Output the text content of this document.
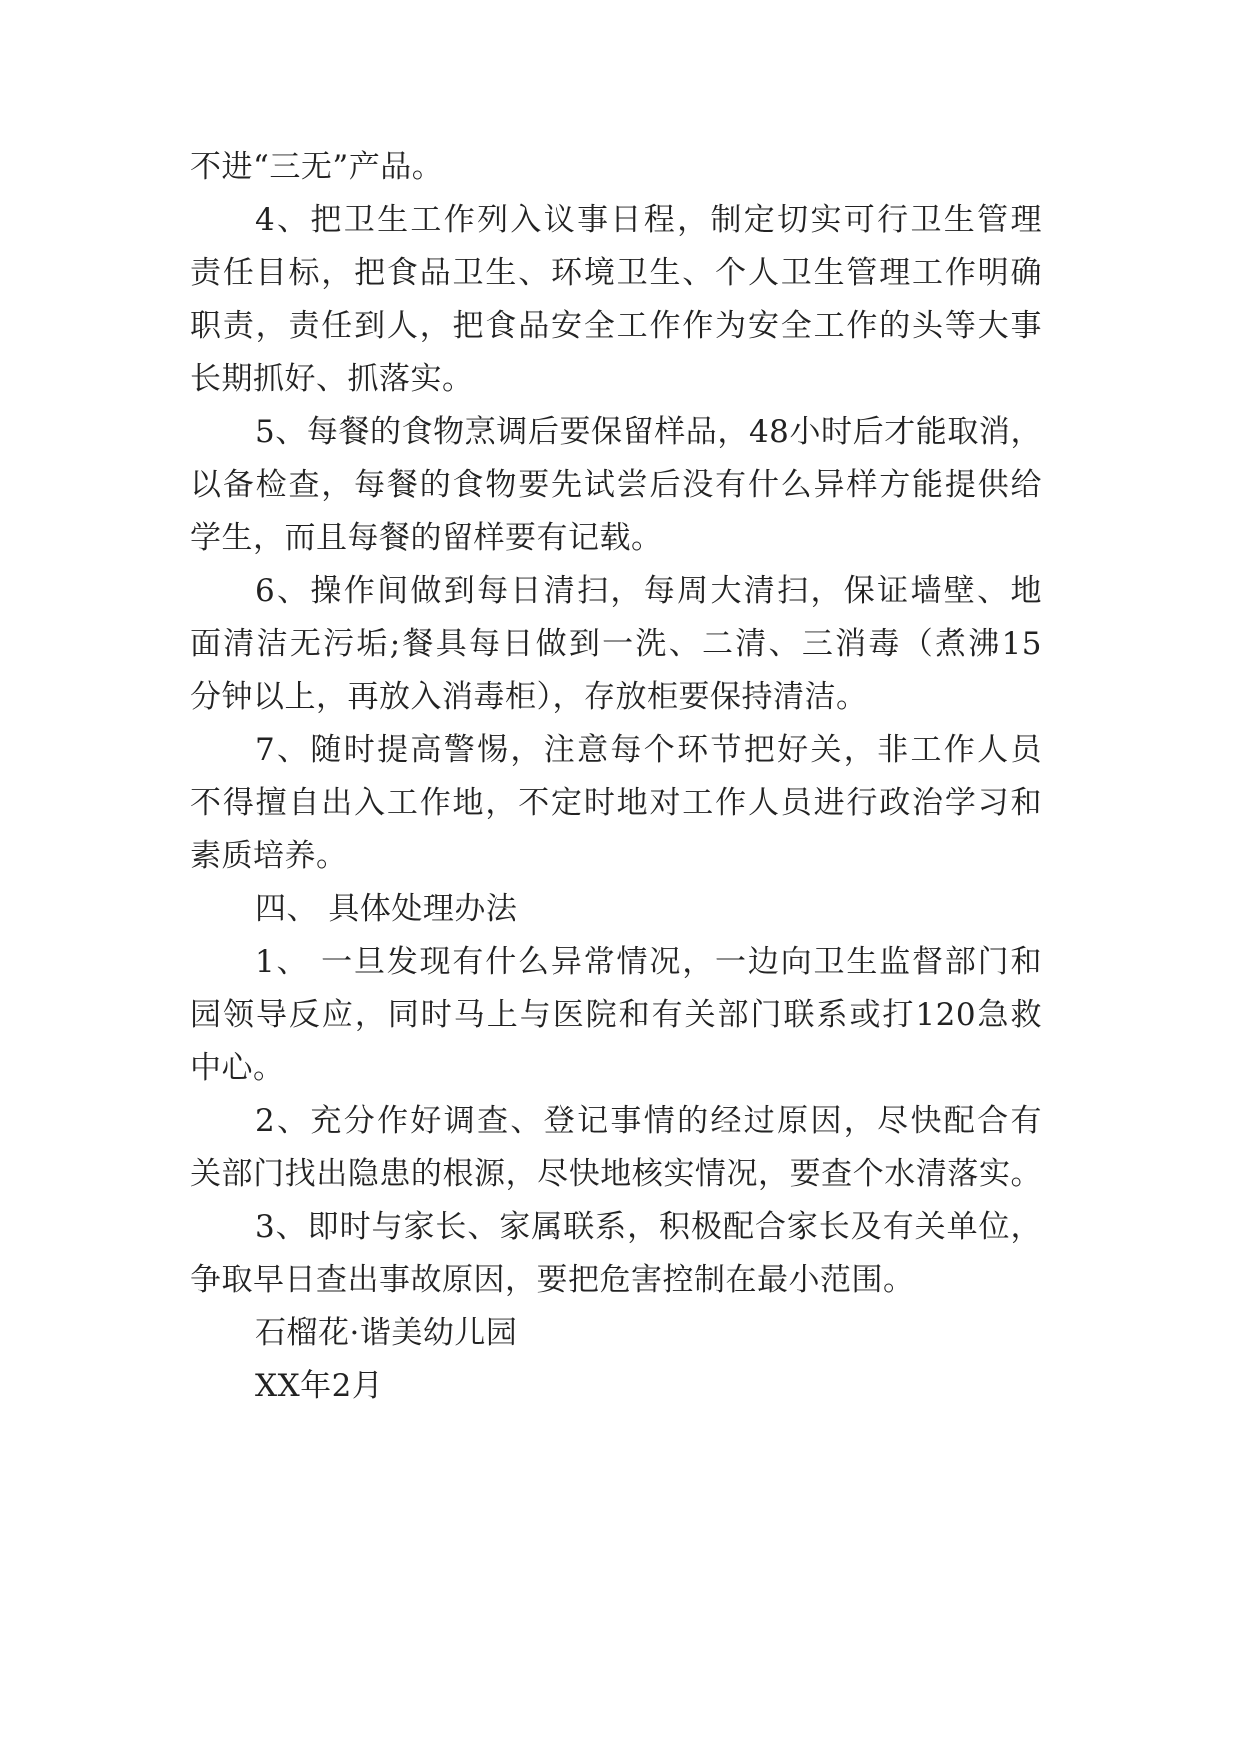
不进“三无”产品。
4、把卫生工作列入议事日程，制定切实可行卫生管理
责任目标，把食品卫生、环境卫生、个人卫生管理工作明确
职责，责任到人，把食品安全工作作为安全工作的头等大事
长期抓好、抓落实。
5、每餐的食物烹调后要保留样品，48小时后才能取消，
以备检查，每餐的食物要先试尝后没有什么异样方能提供给
学生，而且每餐的留样要有记载。
6、操作间做到每日清扫，每周大清扫，保证墙壁、地
面清洁无污垢;餐具每日做到一洗、二清、三消毒（煮沸15
分钟以上，再放入消毒柜），存放柜要保持清洁。
7、随时提高警惕，注意每个环节把好关，非工作人员
不得擅自出入工作地，不定时地对工作人员进行政治学习和
素质培养。
四、 具体处理办法
1、 一旦发现有什么异常情况，一边向卫生监督部门和
园领导反应，同时马上与医院和有关部门联系或打120急救
中心。
2、充分作好调查、登记事情的经过原因，尽快配合有
关部门找出隐患的根源，尽快地核实情况，要查个水清落实。
3、即时与家长、家属联系，积极配合家长及有关单位，
争取早日查出事故原因，要把危害控制在最小范围。
石榴花·谐美幼儿园
XX年2月
